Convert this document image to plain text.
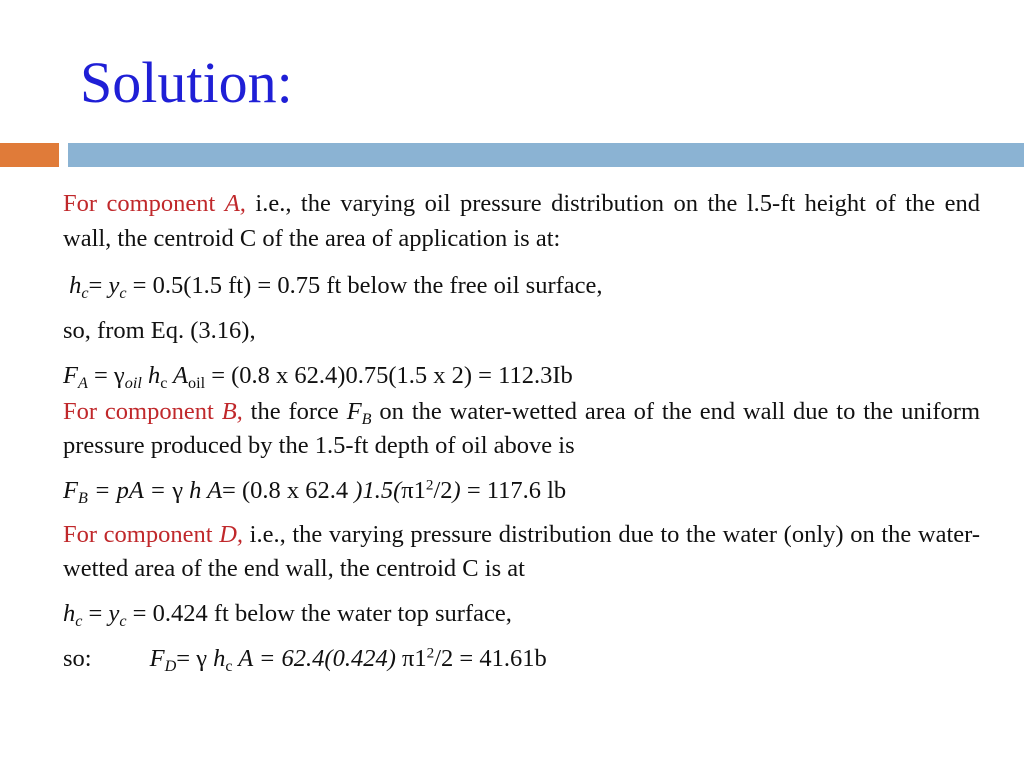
Solution:

For component A, i.e., the varying oil pressure distribution on the l.5-ft height of the end wall, the centroid C of the area of application is at:

$h_c= y_c = 0.5(1.5$ ft) = 0.75 ft below the free oil surface,

so, from Eq. (3.16),

$F_A = \gamma_{oil}$ $h_c$ $A_{oil} = (0.8$ x 62.4)0.75(1.5 x 2) = 112.3Ib

For component B, the force $F_B$ on the water-wetted area of the end wall due to the uniform pressure produced by the 1.5-ft depth of oil above is

$F_B$ = pA = γ h A= (0.8 x 62.4 )$1.5(\pi 1^2/2) = 117.6$ lb

For component D, i.e., the varying pressure distribution due to the water (only) on the water-wetted area of the end wall, the centroid C is at

$h_c = y_c = 0.424$ ft below the water top surface,

so: $F_D= \gamma$ $h_c$ A = 62.4(0.424) $\pi 1^2/2 = 41.61b$
